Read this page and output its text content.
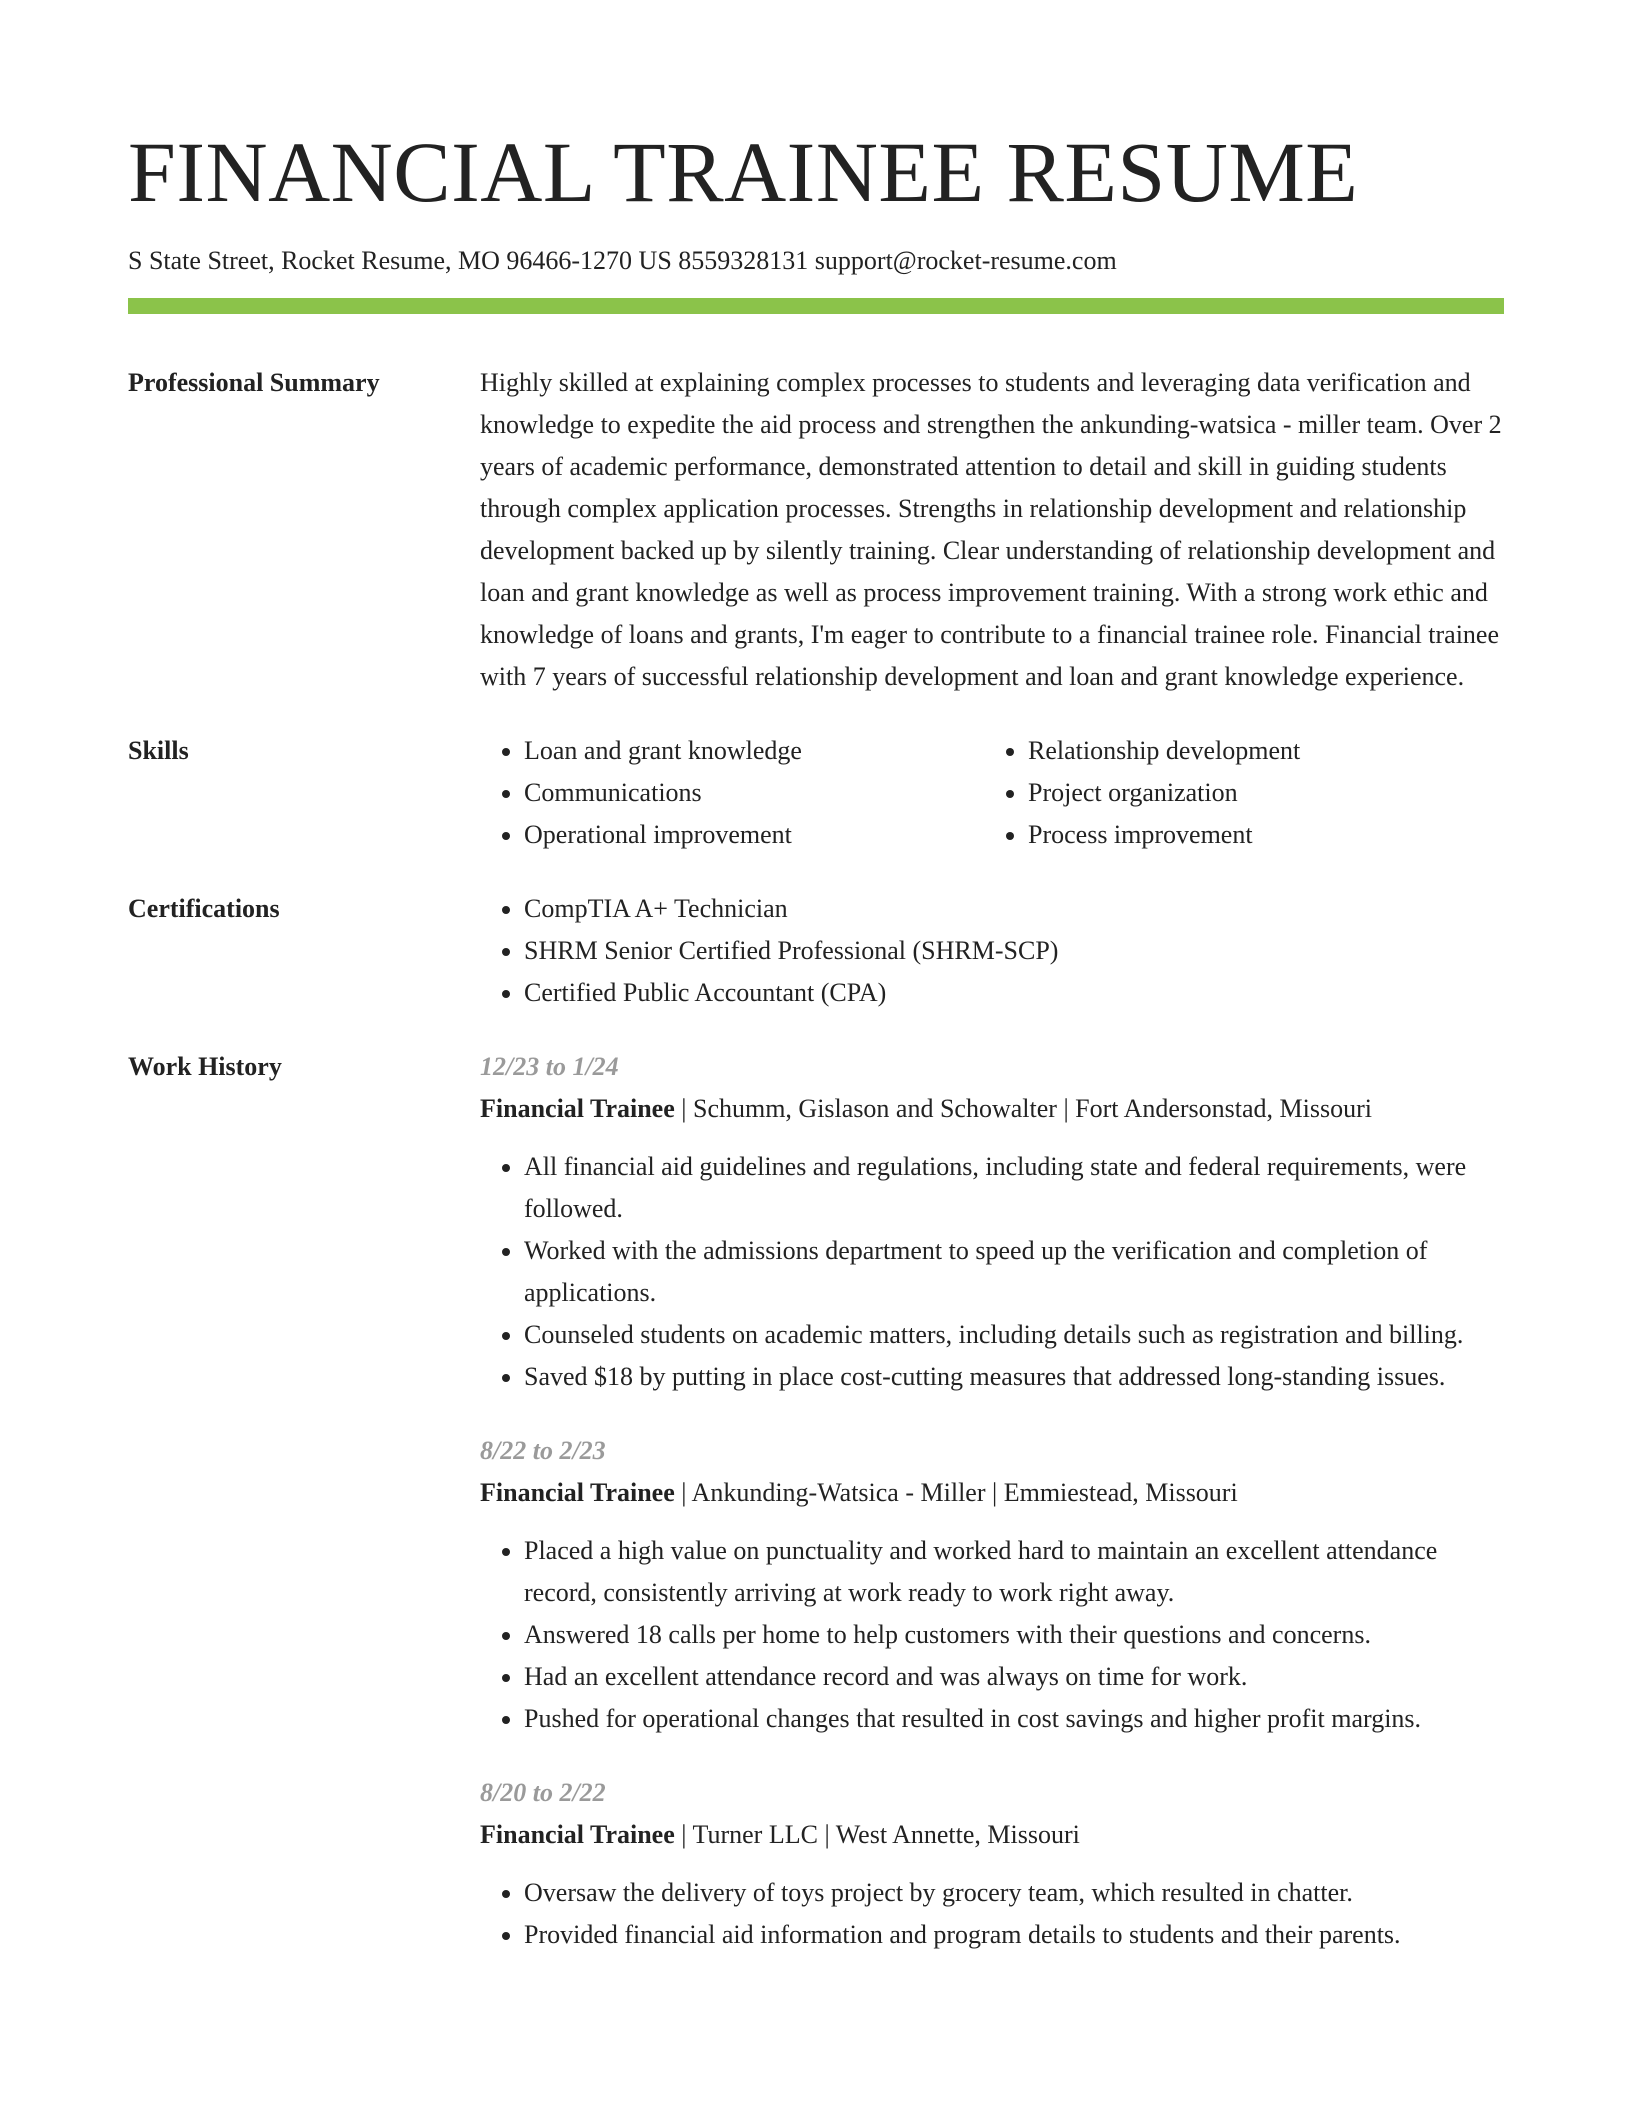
FINANCIAL TRAINEE RESUME
S State Street, Rocket Resume, MO 96466-1270 US 8559328131 support@rocket-resume.com
Professional Summary	Highly skilled at explaining complex processes to students and leveraging data verification and knowledge to expedite the aid process and strengthen the ankunding-watsica - miller team. Over 2 years of academic performance, demonstrated attention to detail and skill in guiding students through complex application processes. Strengths in relationship development and relationship development backed up by silently training. Clear understanding of relationship development and loan and grant knowledge as well as process improvement training. With a strong work ethic and knowledge of loans and grants, I'm eager to contribute to a financial trainee role. Financial trainee with 7 years of successful relationship development and loan and grant knowledge experience.

Skills	• Loan and grant knowledge
• Communications
• Operational improvement
• Relationship development
• Project organization
• Process improvement
Certifications	• CompTIA A+ Technician
• SHRM Senior Certified Professional (SHRM-SCP)
• Certified Public Accountant (CPA)
Work History	12/23 to 1/24
Financial Trainee | Schumm, Gislason and Schowalter | Fort Andersonstad, Missouri
• All financial aid guidelines and regulations, including state and federal requirements, were followed.
• Worked with the admissions department to speed up the verification and completion of applications.
• Counseled students on academic matters, including details such as registration and billing.
• Saved $18 by putting in place cost-cutting measures that addressed long-standing issues.
8/22 to 2/23
Financial Trainee | Ankunding-Watsica - Miller | Emmiestead, Missouri
• Placed a high value on punctuality and worked hard to maintain an excellent attendance record, consistently arriving at work ready to work right away.
• Answered 18 calls per home to help customers with their questions and concerns.
• Had an excellent attendance record and was always on time for work.
• Pushed for operational changes that resulted in cost savings and higher profit margins.
8/20 to 2/22
Financial Trainee | Turner LLC | West Annette, Missouri
• Oversaw the delivery of toys project by grocery team, which resulted in chatter.
• Provided financial aid information and program details to students and their parents.
